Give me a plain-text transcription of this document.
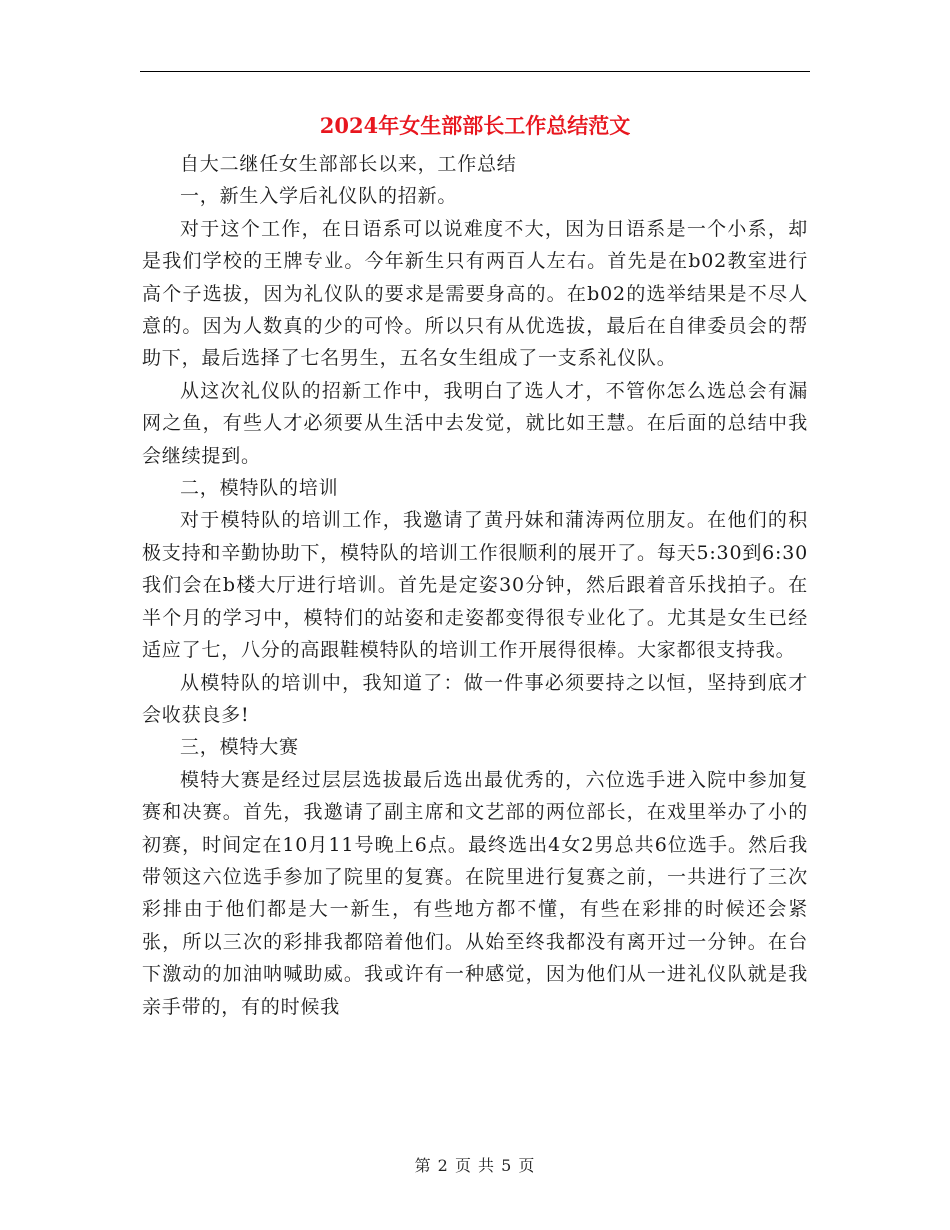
2024年女生部部长工作总结范文

自大二继任女生部部长以来，工作总结

一，新生入学后礼仪队的招新。

对于这个工作，在日语系可以说难度不大，因为日语系是一个小系，却是我们学校的王牌专业。今年新生只有两百人左右。首先是在b02教室进行高个子选拔，因为礼仪队的要求是需要身高的。在b02的选举结果是不尽人意的。因为人数真的少的可怜。所以只有从优选拔，最后在自律委员会的帮助下，最后选择了七名男生，五名女生组成了一支系礼仪队。

从这次礼仪队的招新工作中，我明白了选人才，不管你怎么选总会有漏网之鱼，有些人才必须要从生活中去发觉，就比如王慧。在后面的总结中我会继续提到。

二，模特队的培训

对于模特队的培训工作，我邀请了黄丹妹和蒲涛两位朋友。在他们的积极支持和辛勤协助下，模特队的培训工作很顺利的展开了。每天5:30到6:30我们会在b楼大厅进行培训。首先是定姿30分钟，然后跟着音乐找拍子。在半个月的学习中，模特们的站姿和走姿都变得很专业化了。尤其是女生已经适应了七，八分的高跟鞋模特队的培训工作开展得很棒。大家都很支持我。

从模特队的培训中，我知道了：做一件事必须要持之以恒，坚持到底才会收获良多!

三，模特大赛

模特大赛是经过层层选拔最后选出最优秀的，六位选手进入院中参加复赛和决赛。首先，我邀请了副主席和文艺部的两位部长，在戏里举办了小的初赛，时间定在10月11号晚上6点。最终选出4女2男总共6位选手。然后我带领这六位选手参加了院里的复赛。在院里进行复赛之前，一共进行了三次彩排由于他们都是大一新生，有些地方都不懂，有些在彩排的时候还会紧张，所以三次的彩排我都陪着他们。从始至终我都没有离开过一分钟。在台下激动的加油呐喊助威。我或许有一种感觉，因为他们从一进礼仪队就是我亲手带的，有的时候我

第 2 页 共 5 页
